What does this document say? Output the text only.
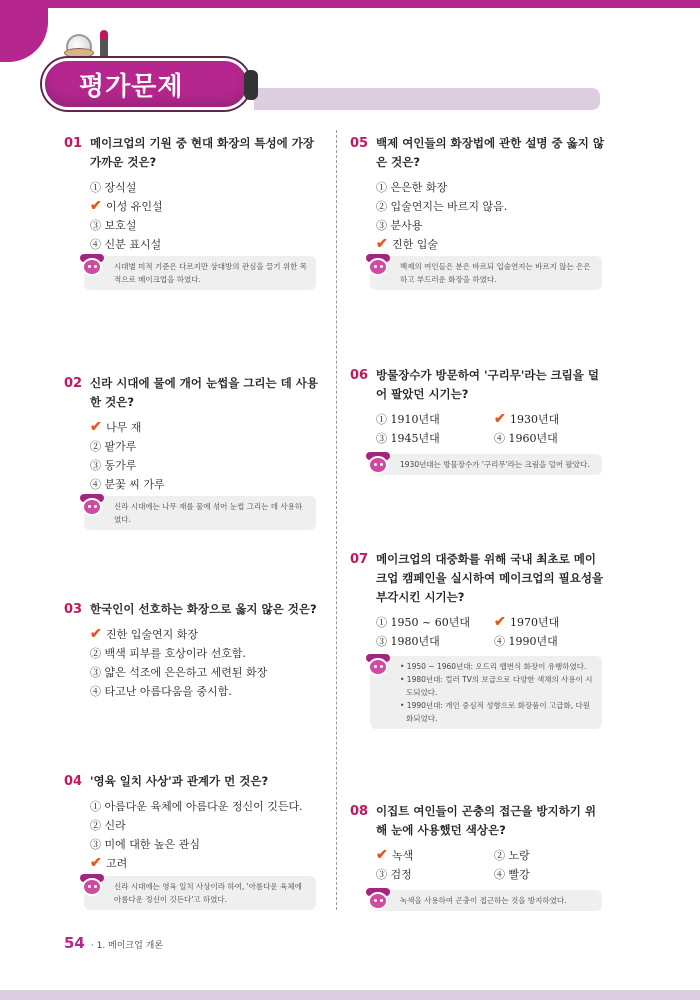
평가문제
01 메이크업의 기원 중 현대 화장의 특성에 가장 가까운 것은?
① 장식설
✔ 이성 유인설
③ 보호설
④ 신분 표시설
시대별 미적 기준은 다르지만 상대방의 관심을 끌기 위한 목적으로 메이크업을 하였다.
02 신라 시대에 물에 개어 눈썹을 그리는 데 사용한 것은?
✔ 나무 재
② 팥가루
③ 동가루
④ 분꽃 씨 가루
신라 시대에는 나무 재를 물에 섞어 눈썹 그리는 데 사용하였다.
03 한국인이 선호하는 화장으로 옳지 않은 것은?
✔ 진한 입술연지 화장
② 백색 피부를 호상이라 선호함.
③ 얇은 석조에 은은하고 세련된 화장
④ 타고난 아름다움을 중시함.
04 '영육 일치 사상'과 관계가 먼 것은?
① 아름다운 육체에 아름다운 정신이 깃든다.
② 신라
③ 미에 대한 높은 관심
✔ 고려
신라 시대에는 영육 일치 사상이라 하여, '아름다운 육체에 아름다운 정신이 깃든다'고 하였다.
05 백제 여인들의 화장법에 관한 설명 중 옳지 않은 것은?
① 은은한 화장
② 입술연지는 바르지 않음.
③ 분사용
✔ 진한 입술
백제의 여인들은 분은 바르되 입술연지는 바르지 않는 은은하고 부드러운 화장을 하였다.
06 방물장수가 방문하여 '구리무'라는 크림을 덜어 팔았던 시기는?
① 1910년대	✔ 1930년대
③ 1945년대	④ 1960년대
1930년대는 방물장수가 '구리무'라는 크림을 덜어 팔았다.
07 메이크업의 대중화를 위해 국내 최초로 메이크업 캠페인을 실시하여 메이크업의 필요성을 부각시킨 시기는?
① 1950 ~ 60년대 ✔ 1970년대
③ 1980년대	④ 1990년대
• 1950 ~ 1960년대: 오드리 햅번식 화장이 유행하였다.
• 1980년대: 컬러 TV의 보급으로 다양한 색채의 사용이 시도되었다.
• 1990년대: 개인 중심적 성향으로 화장품이 고급화, 다원화되었다.
08 이집트 여인들이 곤충의 접근을 방지하기 위해 눈에 사용했던 색상은?
✔ 녹색	② 노랑
③ 검정	④ 빨강
녹색을 사용하여 곤충이 접근하는 것을 방지하였다.
54 · 1. 메이크업 개론
